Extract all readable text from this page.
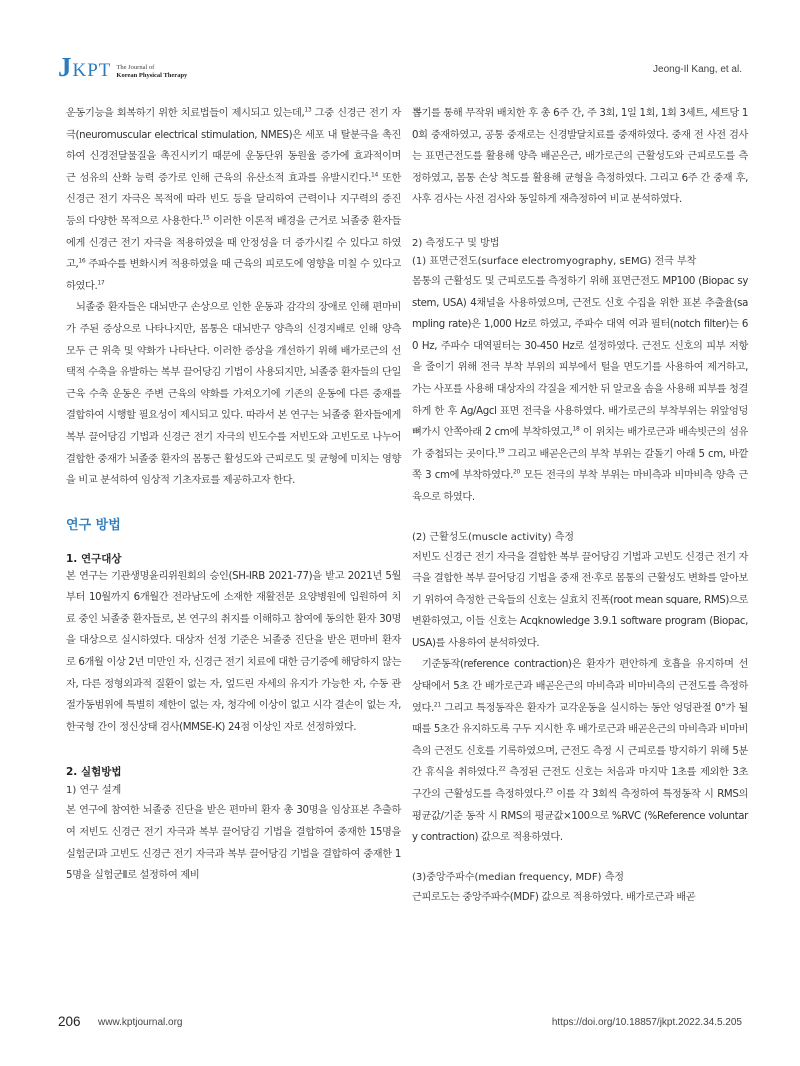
J KPT The Journal of
Korean Physical Therapy
Jeong-Il Kang, et al.

운동기능을 회복하기 위한 치료법들이 제시되고 있는데,$^{13}$ 그중 신경근 전기 자극(neuromuscular electrical stimulation, NMES)은 세포 내 탈분극을 촉진하여 신경전달물질을 촉진시키기 때문에 운동단위 동원율 증가에 효과적이며 근 섬유의 산화 능력 증가로 인해 근육의 유산소적 효과를 유발시킨다.$^{14}$ 또한 신경근 전기 자극은 목적에 따라 빈도 등을 달리하여 근력이나 지구력의 증진 등의 다양한 목적으로 사용한다.$^{15}$ 이러한 이론적 배경을 근거로 뇌졸중 환자들에게 신경근 전기 자극을 적용하였을 때 안정성을 더 증가시킬 수 있다고 하였고,$^{16}$ 주파수를 변화시켜 적용하였을 때 근육의 피로도에 영향을 미칠 수 있다고 하였다.$^{17}$

뇌졸중 환자들은 대뇌반구 손상으로 인한 운동과 감각의 장애로 인해 편마비가 주된 증상으로 나타나지만, 몸통은 대뇌반구 양측의 신경지배로 인해 양측 모두 근 위축 및 약화가 나타난다. 이러한 증상을 개선하기 위해 배가로근의 선택적 수축을 유발하는 복부 끌어당김 기법이 사용되지만, 뇌졸중 환자들의 단일 근육 수축 운동은 주변 근육의 약화를 가져오기에 기존의 운동에 다른 중재를 결합하여 시행할 필요성이 제시되고 있다. 따라서 본 연구는 뇌졸중 환자들에게 복부 끌어당김 기법과 신경근 전기 자극의 빈도수를 저빈도와 고빈도로 나누어 결합한 중재가 뇌졸중 환자의 몸통근 활성도와 근피로도 및 균형에 미치는 영향을 비교 분석하여 임상적 기초자료를 제공하고자 한다.

연구 방법
1. 연구대상

본 연구는 기관생명윤리위원회의 승인(SH-IRB 2021-77)을 받고 2021년 5월부터 10월까지 6개월간 전라남도에 소재한 재활전문 요양병원에 입원하여 치료 중인 뇌졸중 환자들로, 본 연구의 취지를 이해하고 참여에 동의한 환자 30명을 대상으로 실시하였다. 대상자 선정 기준은 뇌졸중 진단을 받은 편마비 환자로 6개월 이상 2년 미만인 자, 신경근 전기 치료에 대한 금기증에 해당하지 않는 자, 다른 정형외과적 질환이 없는 자, 엎드린 자세의 유지가 가능한 자, 수동 관절가동범위에 특별히 제한이 없는 자, 청각에 이상이 없고 시각 결손이 없는 자, 한국형 간이 정신상태 검사(MMSE-K) 24점 이상인 자로 선정하였다.

2. 실험방법
1) 연구 설계

본 연구에 참여한 뇌졸중 진단을 받은 편마비 환자 총 30명을 임상표본 추출하여 저빈도 신경근 전기 자극과 복부 끌어당김 기법을 결합하여 중재한 15명을 실험군Ⅰ과 고빈도 신경근 전기 자극과 복부 끌어당김 기법을 결합하여 중재한 15명을 실험군Ⅱ로 설정하여 제비

뽑기를 통해 무작위 배치한 후 총 6주 간, 주 3회, 1일 1회, 1회 3세트, 세트당 10회 중재하였고, 공통 중재로는 신경발달치료를 중재하였다. 중재 전 사전 검사는 표면근전도를 활용해 양측 배곧은근, 배가로근의 근활성도와 근피로도를 측정하였고, 몸통 손상 척도를 활용해 균형을 측정하였다. 그리고 6주 간 중재 후, 사후 검사는 사전 검사와 동일하게 재측정하여 비교 분석하였다.

2) 측정도구 및 방법
(1) 표면근전도(surface electromyography, sEMG) 전극 부착

몸통의 근활성도 및 근피로도를 측정하기 위해 표면근전도 MP100 (Biopac system, USA) 4채널을 사용하였으며, 근전도 신호 수집을 위한 표본 추출율(sampling rate)은 1,000 Hz로 하였고, 주파수 대역 여과 필터(notch filter)는 60 Hz, 주파수 대역필터는 30-450 Hz로 설정하였다. 근전도 신호의 피부 저항을 줄이기 위해 전극 부착 부위의 피부에서 털을 면도기를 사용하여 제거하고, 가는 사포를 사용해 대상자의 각질을 제거한 뒤 알코올 솜을 사용해 피부를 청결하게 한 후 Ag/Agcl 표면 전극을 사용하였다. 배가로근의 부착부위는 위앞엉덩뼈가시 안쪽아래 2 cm에 부착하였고,$^{18}$ 이 위치는 배가로근과 배속빗근의 섬유가 중첩되는 곳이다.$^{19}$ 그리고 배곧은근의 부착 부위는 갈돌기 아래 5 cm, 바깥쪽 3 cm에 부착하였다.$^{20}$ 모든 전극의 부착 부위는 마비측과 비마비측 양측 근육으로 하였다.

(2) 근활성도(muscle activity) 측정

저빈도 신경근 전기 자극을 결합한 복부 끌어당김 기법과 고빈도 신경근 전기 자극을 결합한 복부 끌어당김 기법을 중재 전·후로 몸통의 근활성도 변화를 알아보기 위하여 측정한 근육들의 신호는 실효치 진폭(root mean square, RMS)으로 변환하였고, 이들 신호는 Acqknowledge 3.9.1 software program (Biopac, USA)를 사용하여 분석하였다.

기준동작(reference contraction)은 환자가 편안하게 호흡을 유지하며 선 상태에서 5초 간 배가로근과 배곧은근의 마비측과 비마비측의 근전도를 측정하였다.$^{21}$ 그리고 특정동작은 환자가 교각운동을 실시하는 동안 엉덩관절 0°가 될 때를 5초간 유지하도록 구두 지시한 후 배가로근과 배곧은근의 마비측과 비마비측의 근전도 신호를 기록하였으며, 근전도 측정 시 근피로를 방지하기 위해 5분간 휴식을 취하였다.$^{22}$ 측정된 근전도 신호는 처음과 마지막 1초를 제외한 3초 구간의 근활성도를 측정하였다.$^{23}$ 이를 각 3회씩 측정하여 특정동작 시 RMS의 평균값/기준 동작 시 RMS의 평균값×100으로 %RVC (%Reference voluntary contraction) 값으로 적용하였다.

(3)중앙주파수(median frequency, MDF) 측정

근피로도는 중앙주파수(MDF) 값으로 적용하였다. 배가로근과 배곧

206 www.kptjournal.org	https://doi.org/10.18857/jkpt.2022.34.5.205
